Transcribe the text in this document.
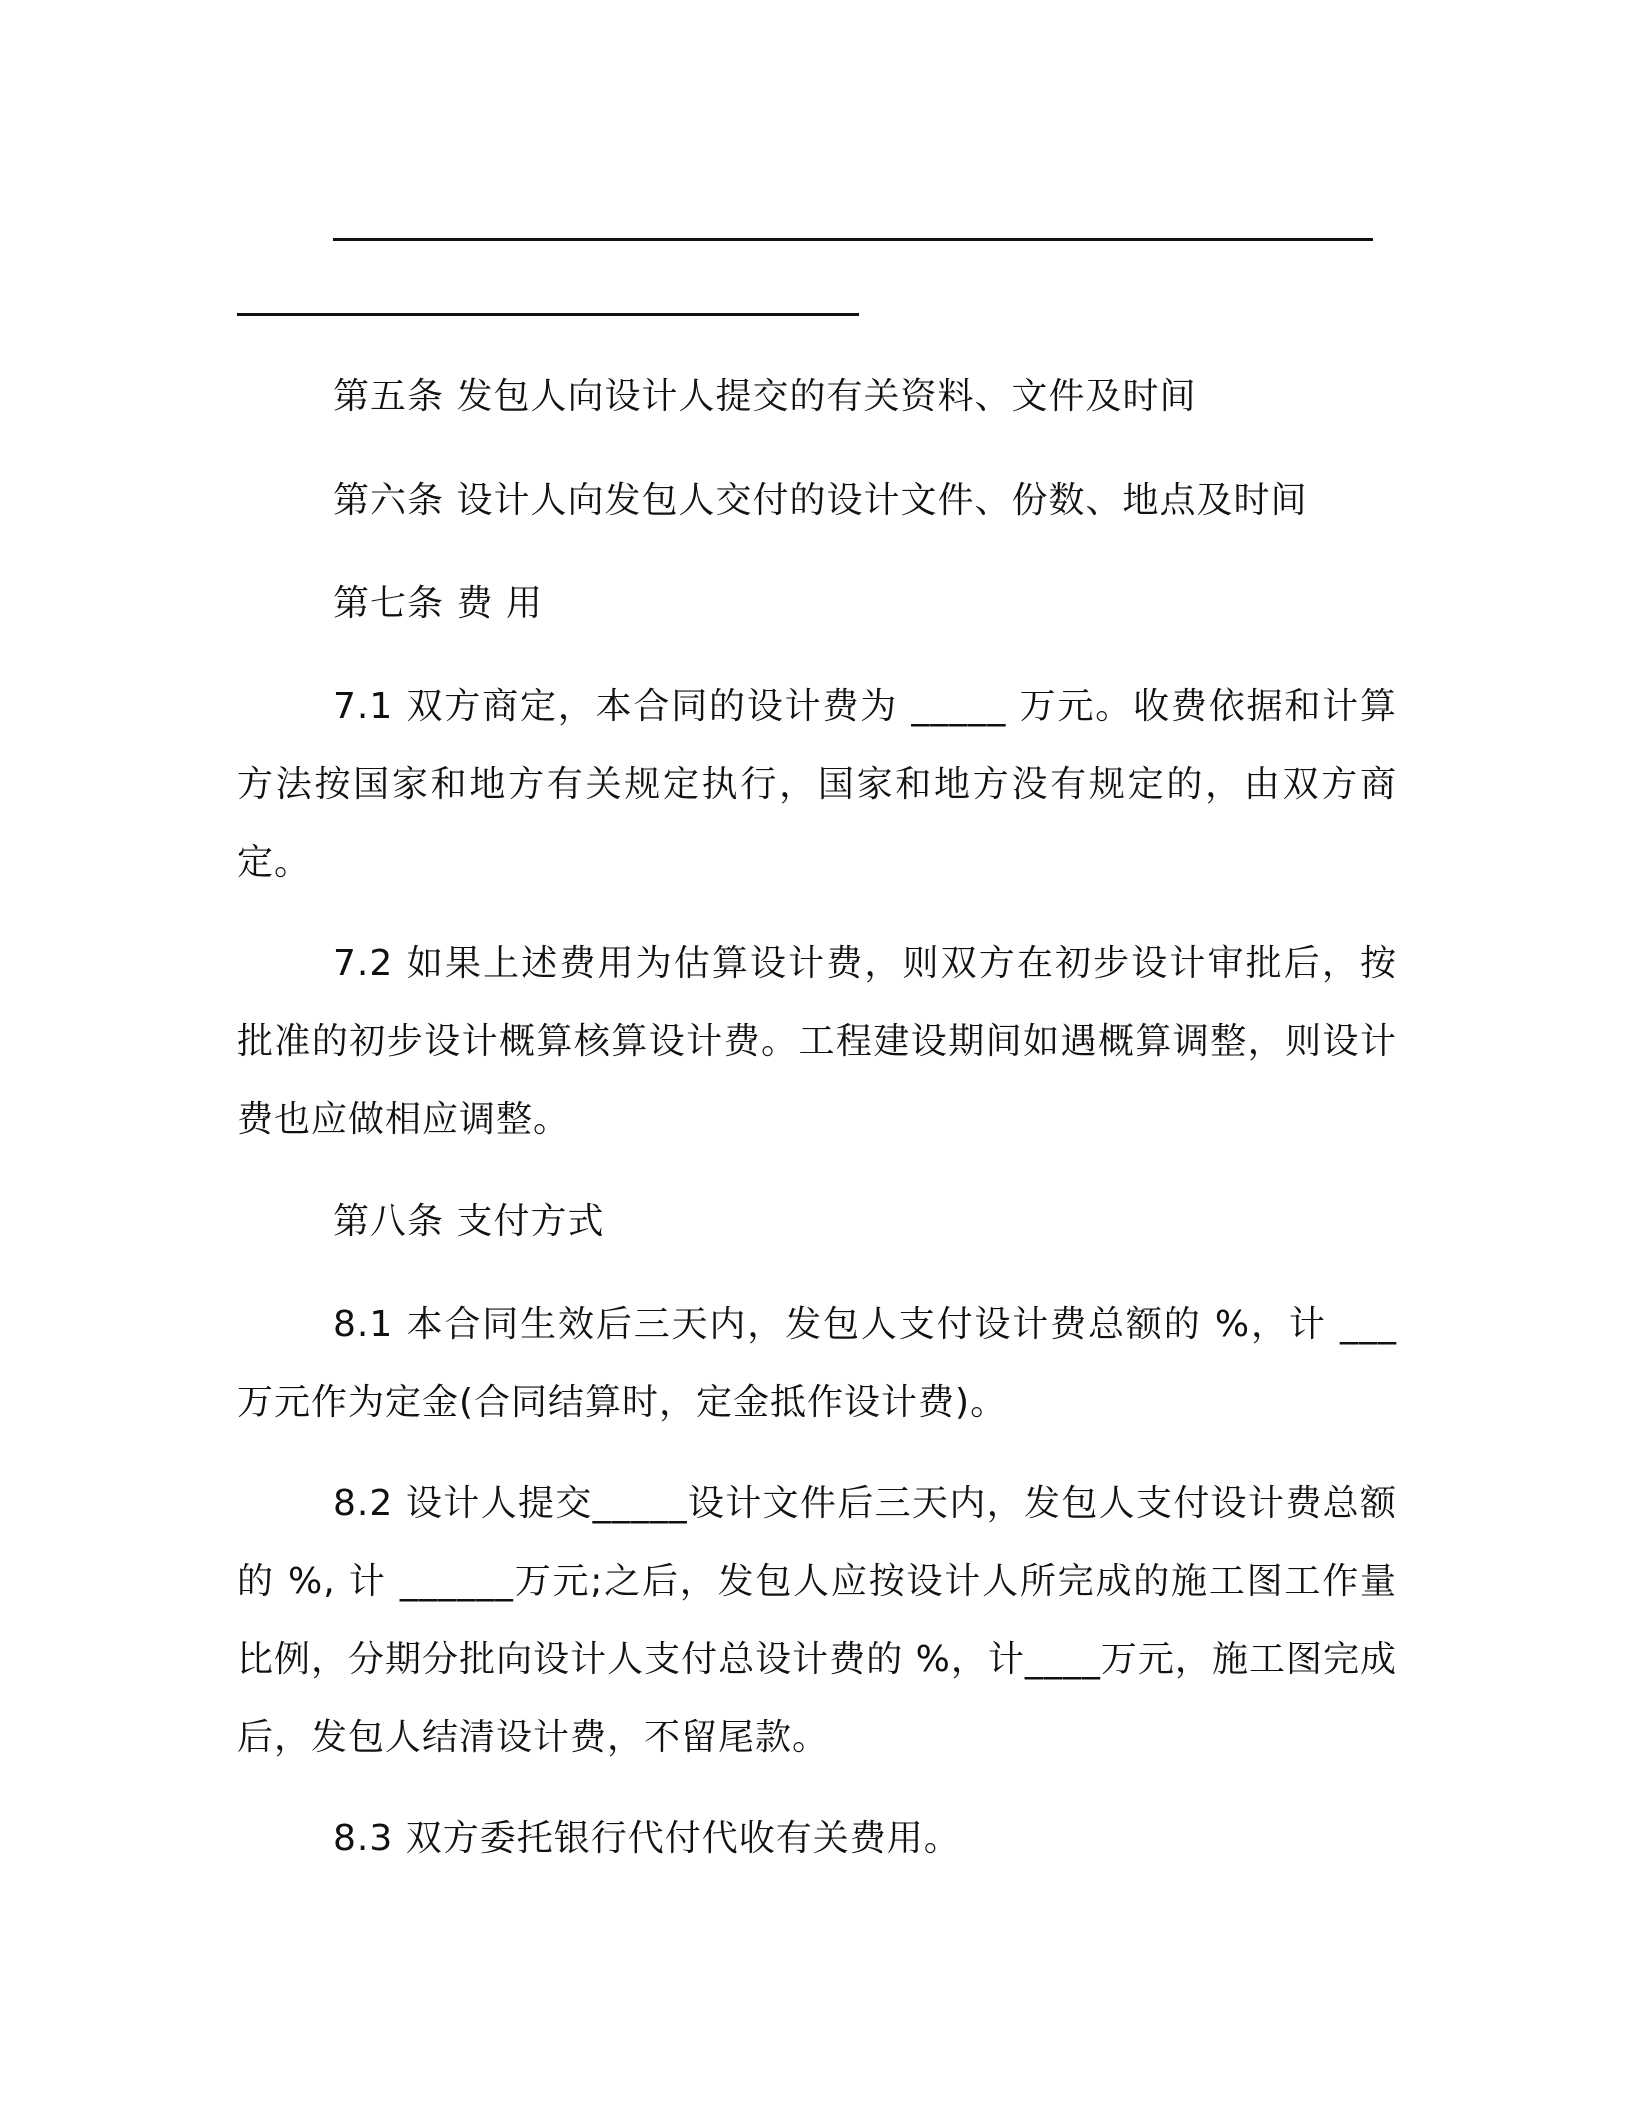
第五条 发包人向设计人提交的有关资料、文件及时间
第六条 设计人向发包人交付的设计文件、份数、地点及时间
第七条 费 用
7.1 双方商定，本合同的设计费为 _____ 万元。收费依据和计算方法按国家和地方有关规定执行，国家和地方没有规定的，由双方商定。
7.2 如果上述费用为估算设计费，则双方在初步设计审批后，按批准的初步设计概算核算设计费。工程建设期间如遇概算调整，则设计费也应做相应调整。
第八条 支付方式
8.1 本合同生效后三天内，发包人支付设计费总额的 %，计 ___ 万元作为定金(合同结算时，定金抵作设计费)。
8.2 设计人提交_____设计文件后三天内，发包人支付设计费总额的 %, 计 ______万元;之后，发包人应按设计人所完成的施工图工作量比例，分期分批向设计人支付总设计费的 %，计____万元，施工图完成后，发包人结清设计费，不留尾款。
8.3 双方委托银行代付代收有关费用。
